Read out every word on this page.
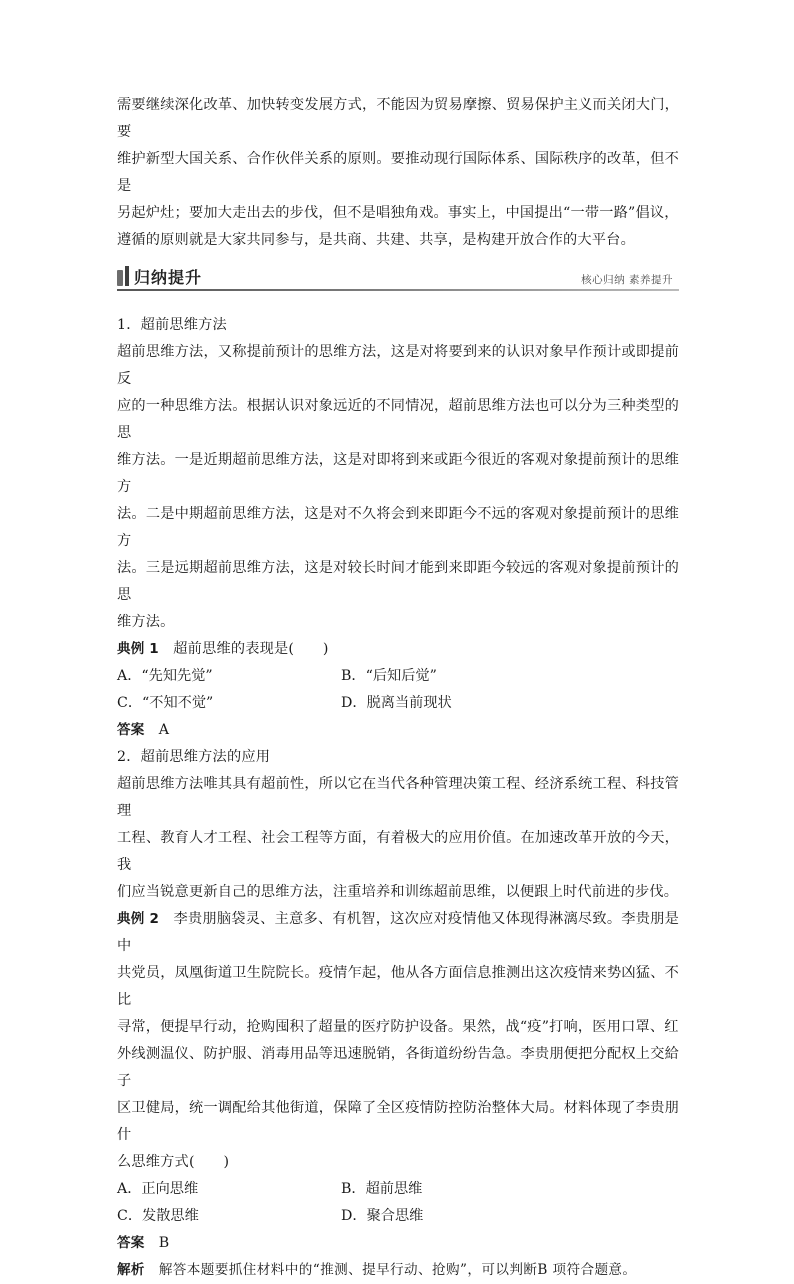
需要继续深化改革、加快转变发展方式，不能因为贸易摩擦、贸易保护主义而关闭大门，要

维护新型大国关系、合作伙伴关系的原则。要推动现行国际体系、国际秩序的改革，但不是

另起炉灶；要加大走出去的步伐，但不是唱独角戏。事实上，中国提出“一带一路”倡议，

遵循的原则就是大家共同参与，是共商、共建、共享，是构建开放合作的大平台。

归纳提升	核心归纳 素养提升

1．超前思维方法

超前思维方法，又称提前预计的思维方法，这是对将要到来的认识对象早作预计或即提前反

应的一种思维方法。根据认识对象远近的不同情况，超前思维方法也可以分为三种类型的思

维方法。一是近期超前思维方法，这是对即将到来或距今很近的客观对象提前预计的思维方

法。二是中期超前思维方法，这是对不久将会到来即距今不远的客观对象提前预计的思维方

法。三是远期超前思维方法，这是对较长时间才能到来即距今较远的客观对象提前预计的思

维方法。

典例 1  超前思维的表现是(　　)

A．“先知先觉”	B．“后知后觉”
C．“不知不觉”	D．脱离当前现状

答案  A

2．超前思维方法的应用

超前思维方法唯其具有超前性，所以它在当代各种管理决策工程、经济系统工程、科技管理

工程、教育人才工程、社会工程等方面，有着极大的应用价值。在加速改革开放的今天，我

们应当锐意更新自己的思维方法，注重培养和训练超前思维，以便跟上时代前进的步伐。

典例 2  李贵朋脑袋灵、主意多、有机智，这次应对疫情他又体现得淋漓尽致。李贵朋是中

共党员，凤凰街道卫生院院长。疫情乍起，他从各方面信息推测出这次疫情来势凶猛、不比

寻常，便提早行动，抢购囤积了超量的医疗防护设备。果然，战“疫”打响，医用口罩、红

外线测温仪、防护服、消毒用品等迅速脱销，各街道纷纷告急。李贵朋便把分配权上交給子

区卫健局，统一调配给其他街道，保障了全区疫情防控防治整体大局。材料体现了李贵朋什

么思维方式(　　)

A．正向思维	B．超前思维
C．发散思维	D．聚合思维

答案  B

解析  解答本题要抓住材料中的“推测、提早行动、抢购”，可以判断B 项符合题意。
